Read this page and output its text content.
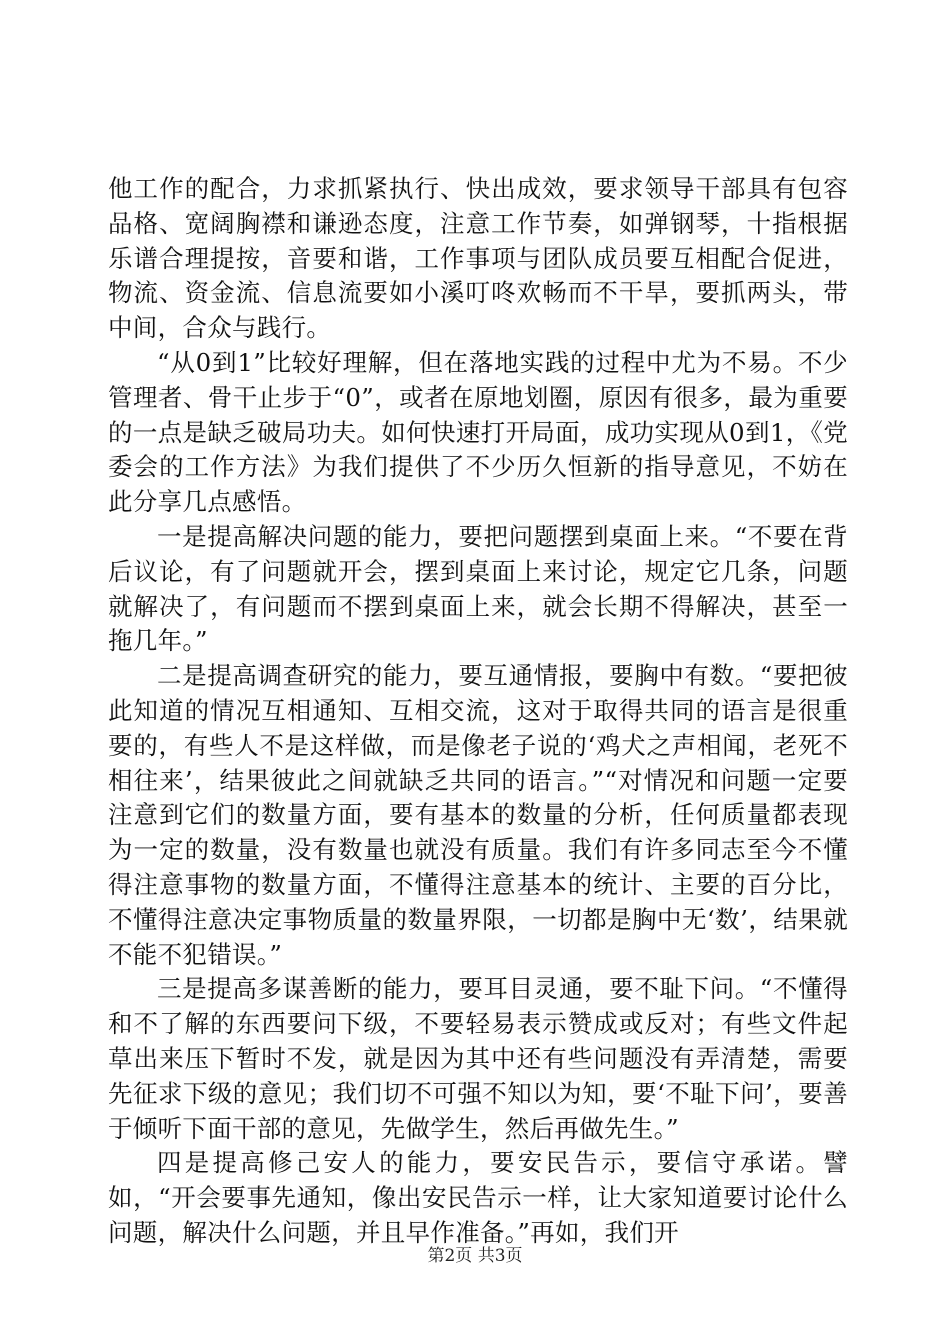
他工作的配合，力求抓紧执行、快出成效，要求领导干部具有包容品格、宽阔胸襟和谦逊态度，注意工作节奏，如弹钢琴，十指根据乐谱合理提按，音要和谐，工作事项与团队成员要互相配合促进，物流、资金流、信息流要如小溪叮咚欢畅而不干旱，要抓两头，带中间，合众与践行。

“从0到1”比较好理解，但在落地实践的过程中尤为不易。不少管理者、骨干止步于“0”，或者在原地划圈，原因有很多，最为重要的一点是缺乏破局功夫。如何快速打开局面，成功实现从0到1，《党委会的工作方法》为我们提供了不少历久恒新的指导意见，不妨在此分享几点感悟。

一是提高解决问题的能力，要把问题摆到桌面上来。“不要在背后议论，有了问题就开会，摆到桌面上来讨论，规定它几条，问题就解决了，有问题而不摆到桌面上来，就会长期不得解决，甚至一拖几年。”

二是提高调查研究的能力，要互通情报，要胸中有数。“要把彼此知道的情况互相通知、互相交流，这对于取得共同的语言是很重要的，有些人不是这样做，而是像老子说的‘鸡犬之声相闻，老死不相往来’，结果彼此之间就缺乏共同的语言。”“对情况和问题一定要注意到它们的数量方面，要有基本的数量的分析，任何质量都表现为一定的数量，没有数量也就没有质量。我们有许多同志至今不懂得注意事物的数量方面，不懂得注意基本的统计、主要的百分比，不懂得注意决定事物质量的数量界限，一切都是胸中无‘数’，结果就不能不犯错误。”

三是提高多谋善断的能力，要耳目灵通，要不耻下问。“不懂得和不了解的东西要问下级，不要轻易表示赞成或反对；有些文件起草出来压下暂时不发，就是因为其中还有些问题没有弄清楚，需要先征求下级的意见；我们切不可强不知以为知，要‘不耻下问’，要善于倾听下面干部的意见，先做学生，然后再做先生。”

四是提高修己安人的能力，要安民告示，要信守承诺。譬如，“开会要事先通知，像出安民告示一样，让大家知道要讨论什么问题，解决什么问题，并且早作准备。”再如，我们开

第2页 共3页
